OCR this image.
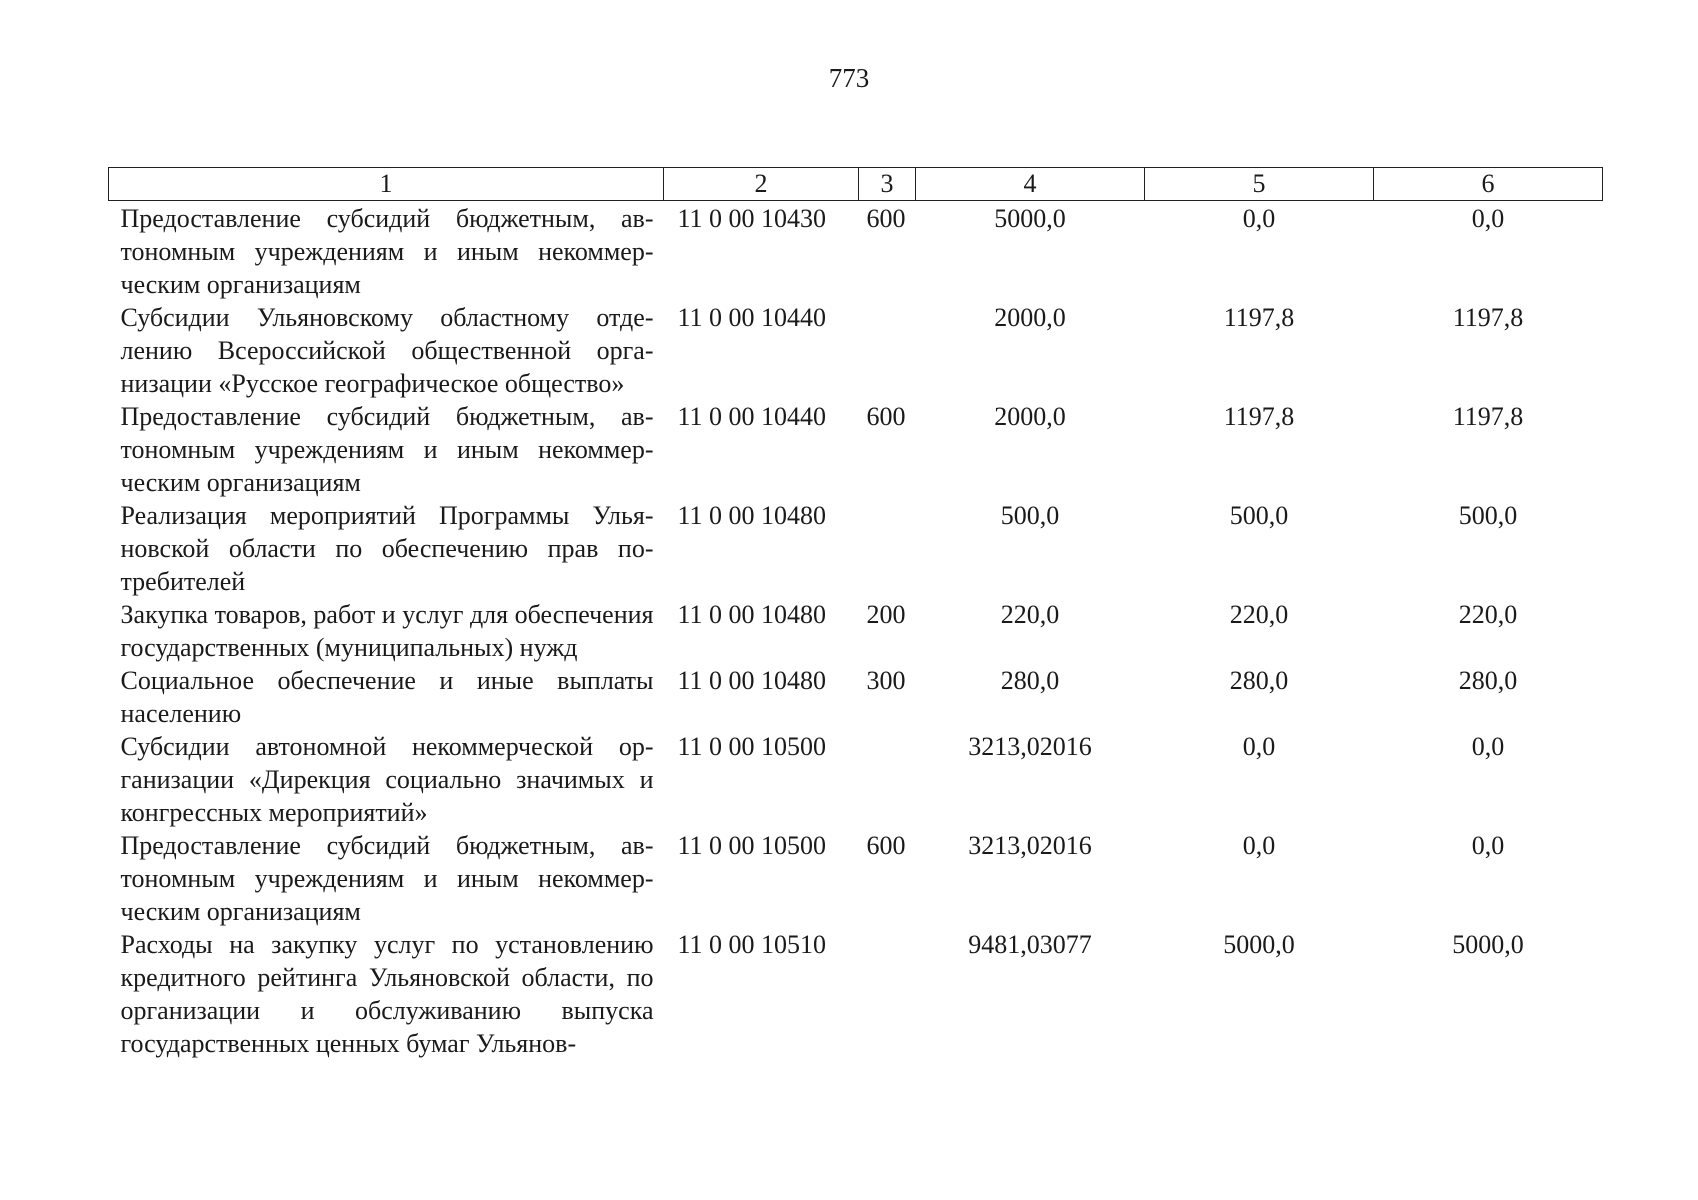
773
1	2	3	4	5	6
Предоставление субсидий бюджетным, автономным учреждениям и иным некоммерческим организациям	11 0 00 10430	600	5000,0	0,0	0,0
Субсидии Ульяновскому областному отделению Всероссийской общественной организации «Русское географическое общество»	11 0 00 10440		2000,0	1197,8	1197,8
Предоставление субсидий бюджетным, автономным учреждениям и иным некоммерческим организациям	11 0 00 10440	600	2000,0	1197,8	1197,8
Реализация мероприятий Программы Ульяновской области по обеспечению прав потребителей	11 0 00 10480		500,0	500,0	500,0
Закупка товаров, работ и услуг для обеспечения государственных (муниципальных) нужд	11 0 00 10480	200	220,0	220,0	220,0
Социальное обеспечение и иные выплаты населению	11 0 00 10480	300	280,0	280,0	280,0
Субсидии автономной некоммерческой организации «Дирекция социально значимых и конгрессных мероприятий»	11 0 00 10500		3213,02016	0,0	0,0
Предоставление субсидий бюджетным, автономным учреждениям и иным некоммерческим организациям	11 0 00 10500	600	3213,02016	0,0	0,0
Расходы на закупку услуг по установлению кредитного рейтинга Ульяновской области, по организации и обслуживанию выпуска государственных ценных бумаг Ульянов-	11 0 00 10510		9481,03077	5000,0	5000,0
